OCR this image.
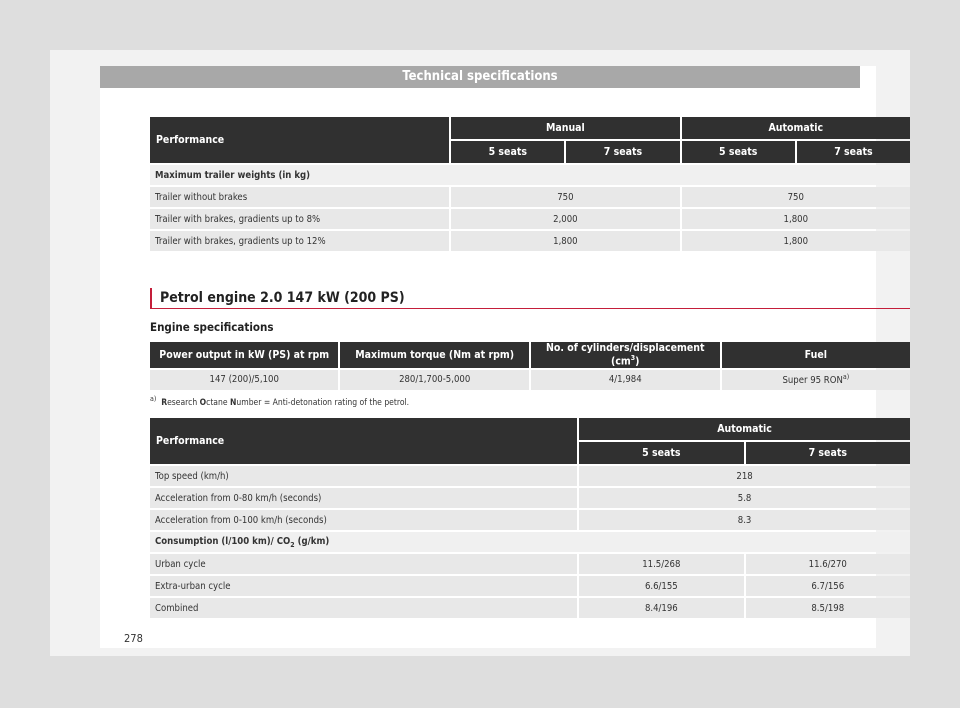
Technical specifications
Performance	Manual		Automatic	
	5 seats	7 seats	5 seats	7 seats
Maximum trailer weights (in kg)				
Trailer without brakes	750		750	
Trailer with brakes, gradients up to 8%	2,000		1,800	
Trailer with brakes, gradients up to 12%	1,800		1,800	
Petrol engine 2.0 147 kW (200 PS)
Engine specifications
Power output in kW (PS) at rpm	Maximum torque (Nm at rpm)	No. of cylinders/displacement $(cm^3)$	Fuel
147 (200)/5,100	280/1,700-5,000	4/1,984	Super 95 RON$^{a)}$
$^{a)}$ Research Octane Number = Anti-detonation rating of the petrol.
Performance	Automatic	
	5 seats	7 seats
Top speed (km/h)	218	
Acceleration from 0-80 km/h (seconds)	5.8	
Acceleration from 0-100 km/h (seconds)	8.3	
Consumption (l/100 km)/ $CO_2$ (g/km)		
Urban cycle	11.5/268	11.6/270
Extra-urban cycle	6.6/155	6.7/156
Combined	8.4/196	8.5/198
278
